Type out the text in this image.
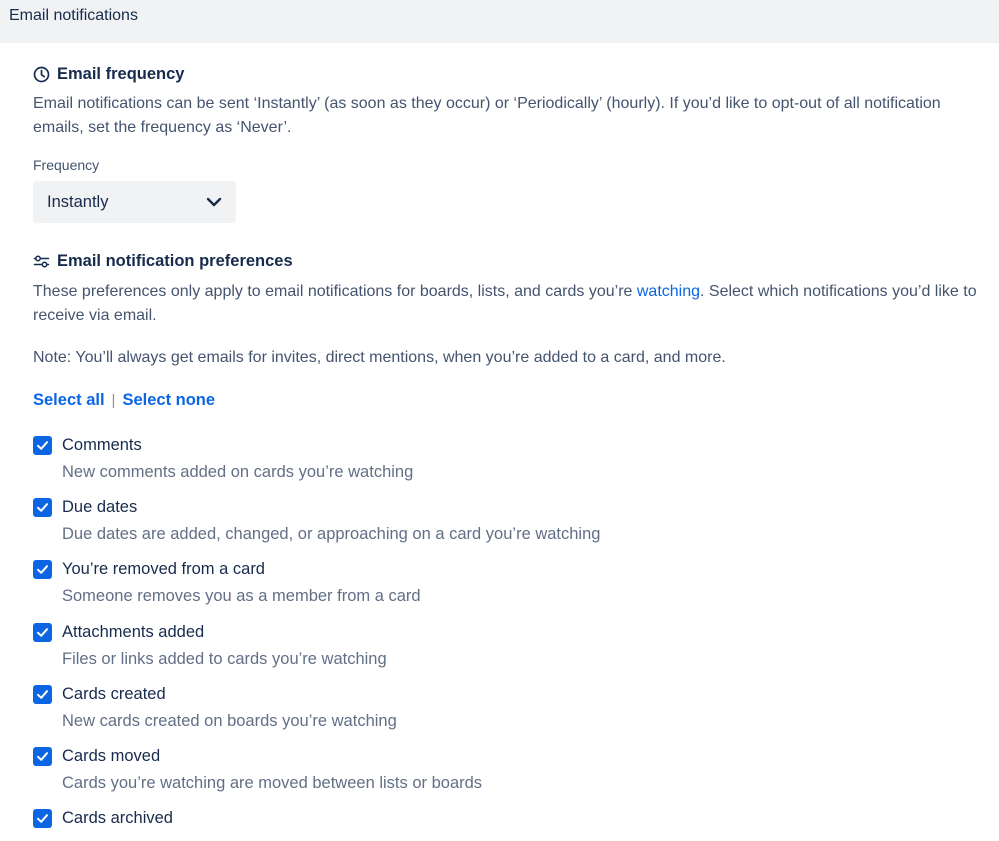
Email notifications
Email frequency
Email notifications can be sent ‘Instantly’ (as soon as they occur) or ‘Periodically’ (hourly). If you’d like to opt-out of all notification emails, set the frequency as ‘Never’.
Frequency
Instantly
Email notification preferences
These preferences only apply to email notifications for boards, lists, and cards you’re watching. Select which notifications you’d like to receive via email.
Note: You’ll always get emails for invites, direct mentions, when you’re added to a card, and more.
Select all | Select none
Comments
New comments added on cards you’re watching
Due dates
Due dates are added, changed, or approaching on a card you’re watching
You’re removed from a card
Someone removes you as a member from a card
Attachments added
Files or links added to cards you’re watching
Cards created
New cards created on boards you’re watching
Cards moved
Cards you’re watching are moved between lists or boards
Cards archived
